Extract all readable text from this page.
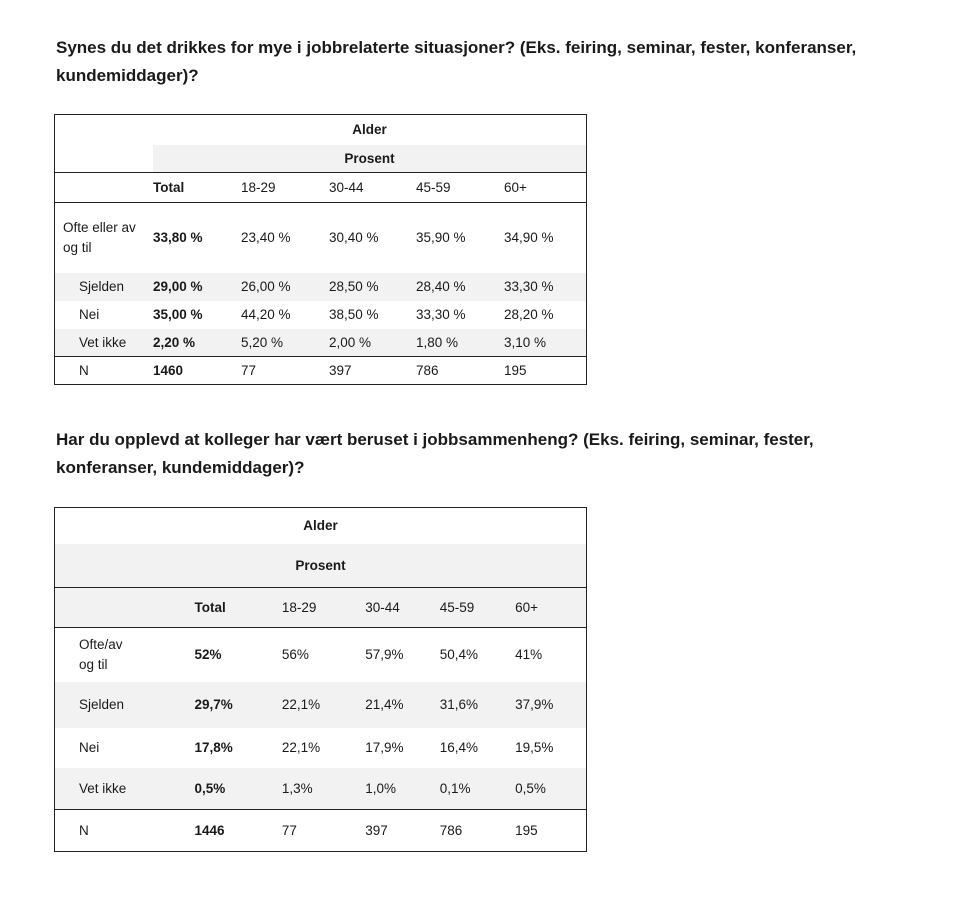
Synes du det drikkes for mye i jobbrelaterte situasjoner? (Eks. feiring, seminar, fester, konferanser, kundemiddager)?

	Alder				
	Prosent				
	Total	18-29	30-44	45-59	60+
Ofte eller av og til	33,80 %	23,40 %	30,40 %	35,90 %	34,90 %
Sjelden	29,00 %	26,00 %	28,50 %	28,40 %	33,30 %
Nei	35,00 %	44,20 %	38,50 %	33,30 %	28,20 %
Vet ikke	2,20 %	5,20 %	2,00 %	1,80 %	3,10 %
N	1460	77	397	786	195

Har du opplevd at kolleger har vært beruset i jobbsammenheng? (Eks. feiring, seminar, fester, konferanser, kundemiddager)?

Alder					
Prosent					
	Total	18-29	30-44	45-59	60+
Ofte/av og til	52%	56%	57,9%	50,4%	41%
Sjelden	29,7%	22,1%	21,4%	31,6%	37,9%
Nei	17,8%	22,1%	17,9%	16,4%	19,5%
Vet ikke	0,5%	1,3%	1,0%	0,1%	0,5%
N	1446	77	397	786	195
